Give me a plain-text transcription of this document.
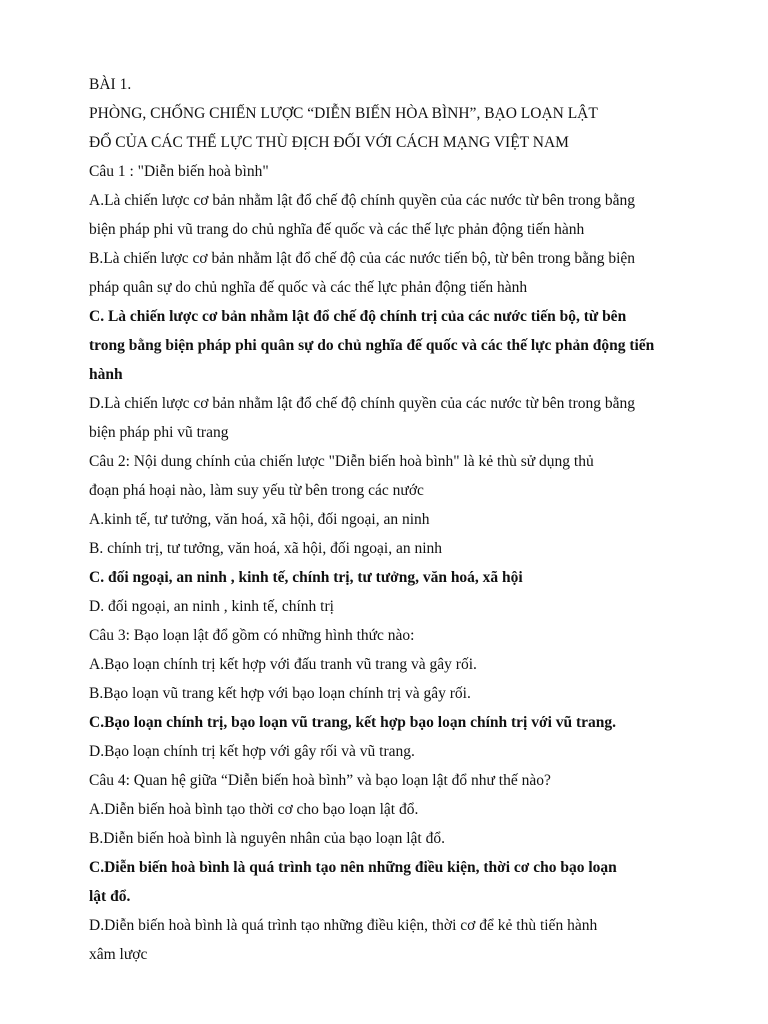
BÀI 1.
PHÒNG, CHỐNG CHIẾN LƯỢC “DIỄN BIẾN HÒA BÌNH”, BẠO LOẠN LẬT
ĐỔ CỦA CÁC THẾ LỰC THÙ ĐỊCH ĐỐI VỚI CÁCH MẠNG VIỆT NAM
Câu 1 : "Diễn biến hoà bình"
A.Là chiến lược cơ bản nhằm lật đổ chế độ chính quyền của các nước từ bên trong bằng
biện pháp phi vũ trang do chủ nghĩa đế quốc và các thế lực phản động tiến hành
B.Là chiến lược cơ bản nhằm lật đổ chế độ của các nước tiến bộ, từ bên trong bằng biện
pháp quân sự do chủ nghĩa đế quốc và các thế lực phản động tiến hành
C. Là chiến lược cơ bản nhằm lật đổ chế độ chính trị của các nước tiến bộ, từ bên
trong bằng biện pháp phi quân sự do chủ nghĩa đế quốc và các thế lực phản động tiến
hành
D.Là chiến lược cơ bản nhằm lật đổ chế độ chính quyền của các nước từ bên trong bằng
biện pháp phi vũ trang
Câu 2: Nội dung chính của chiến lược "Diễn biến hoà bình" là kẻ thù sử dụng thủ
đoạn phá hoại nào, làm suy yếu từ bên trong các nước
A.kinh tế, tư tưởng, văn hoá, xã hội, đối ngoại, an ninh
B. chính trị, tư tưởng, văn hoá, xã hội, đối ngoại, an ninh
C. đối ngoại, an ninh , kinh tế, chính trị, tư tưởng, văn hoá, xã hội
D. đối ngoại, an ninh , kinh tế, chính trị
Câu 3: Bạo loạn lật đổ gồm có những hình thức nào:
A.Bạo loạn chính trị kết hợp với đấu tranh vũ trang và gây rối.
B.Bạo loạn vũ trang kết hợp với bạo loạn chính trị và gây rối.
C.Bạo loạn chính trị, bạo loạn vũ trang, kết hợp bạo loạn chính trị với vũ trang.
D.Bạo loạn chính trị kết hợp với gây rối và vũ trang.
Câu 4: Quan hệ giữa “Diễn biến hoà bình” và bạo loạn lật đổ như thế nào?
A.Diễn biến hoà bình tạo thời cơ cho bạo loạn lật đổ.
B.Diễn biến hoà bình là nguyên nhân của bạo loạn lật đổ.
C.Diễn biến hoà bình là quá trình tạo nên những điều kiện, thời cơ cho bạo loạn
lật đổ.
D.Diễn biến hoà bình là quá trình tạo những điều kiện, thời cơ để kẻ thù tiến hành
xâm lược
